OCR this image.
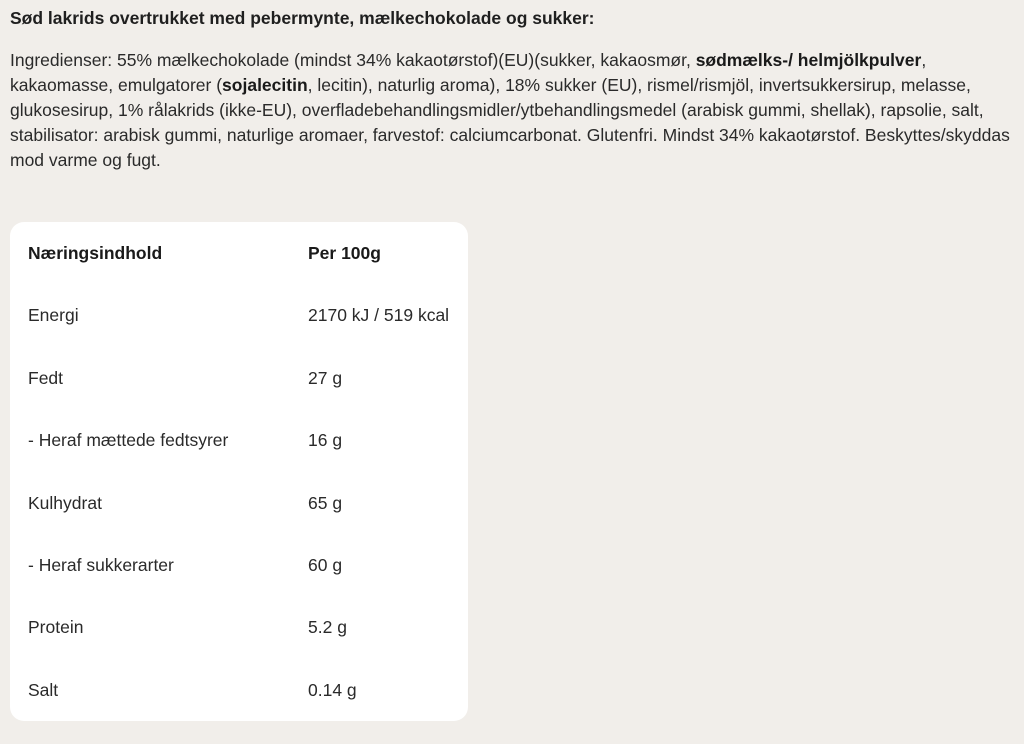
Sød lakrids overtrukket med pebermynte, mælkechokolade og sukker:

Ingredienser: 55% mælkechokolade (mindst 34% kakaotørstof)(EU)(sukker, kakaosmør, sødmælks-/ helmjölkpulver, kakaomasse, emulgatorer (sojalecitin, lecitin), naturlig aroma), 18% sukker (EU), rismel/rismjöl, invertsukkersirup, melasse, glukosesirup, 1% rålakrids (ikke-EU), overfladebehandlingsmidler/ytbehandlingsmedel (arabisk gummi, shellak), rapsolie, salt, stabilisator: arabisk gummi, naturlige aromaer, farvestof: calciumcarbonat. Glutenfri. Mindst 34% kakaotørstof. Beskyttes/skyddas mod varme og fugt.

Næringsindhold	Per 100g
Energi	2170 kJ / 519 kcal
Fedt	27 g
- Heraf mættede fedtsyrer	16 g
Kulhydrat	65 g
- Heraf sukkerarter	60 g
Protein	5.2 g
Salt	0.14 g
